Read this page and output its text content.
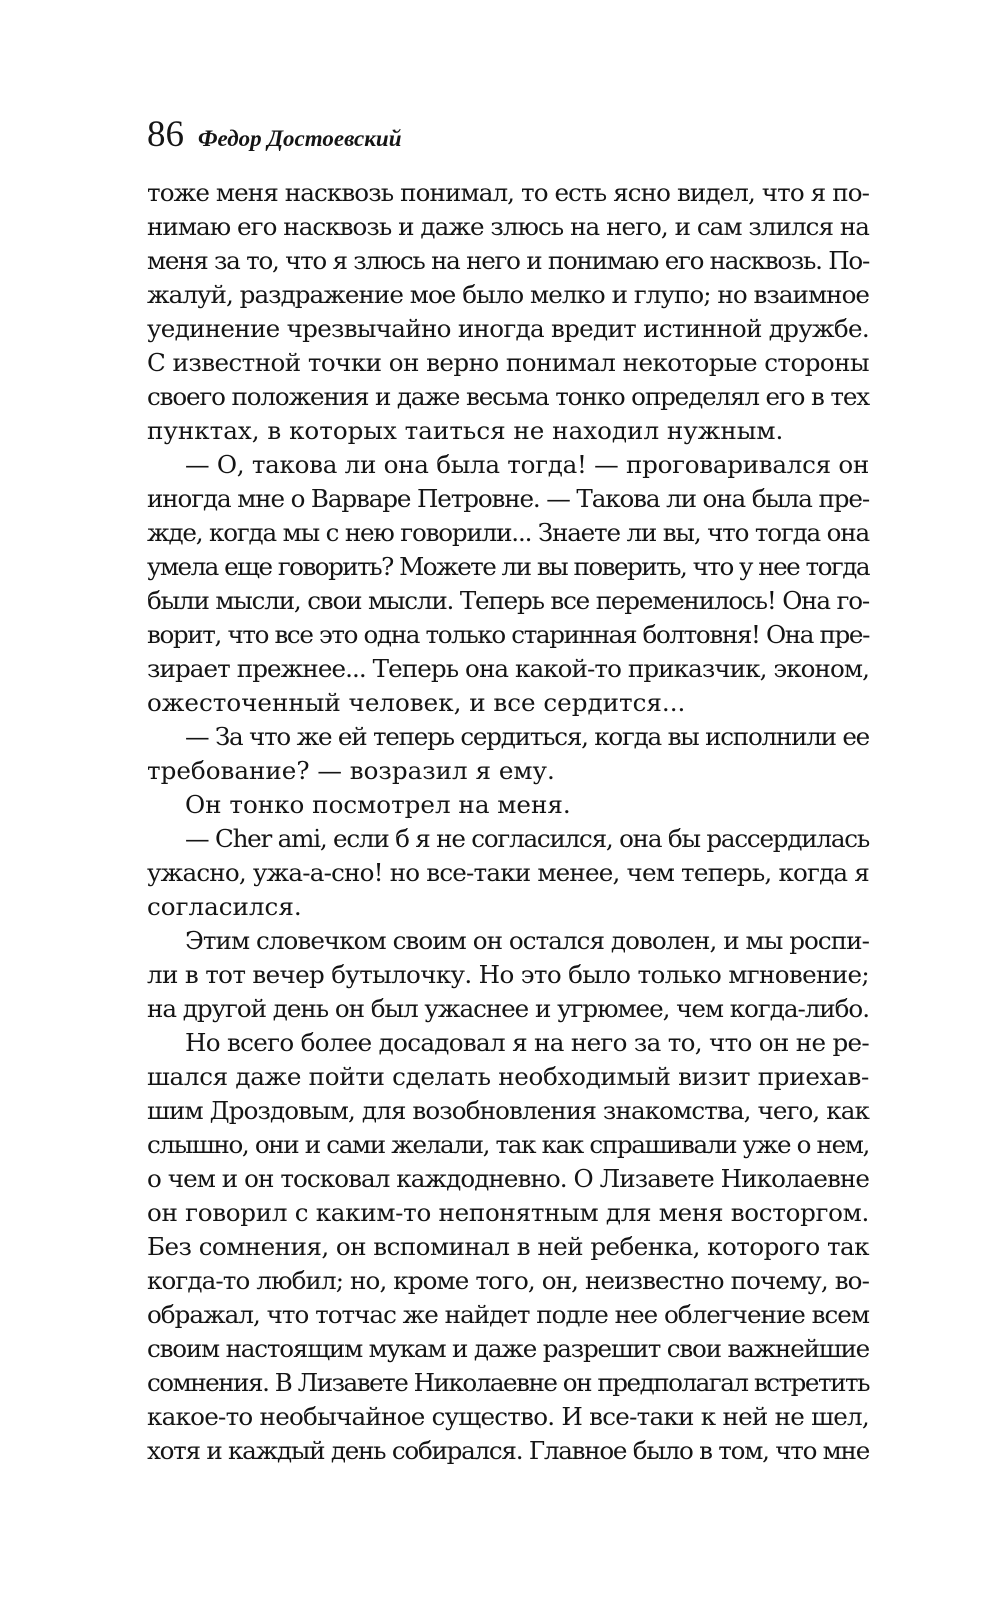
86 Федор Достоевский
тоже меня насквозь понимал, то есть ясно видел, что я по-
нимаю его насквозь и даже злюсь на него, и сам злился на
меня за то, что я злюсь на него и понимаю его насквозь. По-
жалуй, раздражение мое было мелко и глупо; но взаимное
уединение чрезвычайно иногда вредит истинной дружбе.
С известной точки он верно понимал некоторые стороны
своего положения и даже весьма тонко определял его в тех
пунктах, в которых таиться не находил нужным.
— О, такова ли она была тогда! — проговаривался он
иногда мне о Варваре Петровне. — Такова ли она была пре-
жде, когда мы с нею говорили... Знаете ли вы, что тогда она
умела еще говорить? Можете ли вы поверить, что у нее тогда
были мысли, свои мысли. Теперь все переменилось! Она го-
ворит, что все это одна только старинная болтовня! Она пре-
зирает прежнее... Теперь она какой-то приказчик, эконом,
ожесточенный человек, и все сердится...
— За что же ей теперь сердиться, когда вы исполнили ее
требование? — возразил я ему.
Он тонко посмотрел на меня.
— Cher ami, если б я не согласился, она бы рассердилась
ужасно, ужа-а-сно! но все-таки менее, чем теперь, когда я
согласился.
Этим словечком своим он остался доволен, и мы роспи-
ли в тот вечер бутылочку. Но это было только мгновение;
на другой день он был ужаснее и угрюмее, чем когда-либо.
Но всего более досадовал я на него за то, что он не ре-
шался даже пойти сделать необходимый визит приехав-
шим Дроздовым, для возобновления знакомства, чего, как
слышно, они и сами желали, так как спрашивали уже о нем,
о чем и он тосковал каждодневно. О Лизавете Николаевне
он говорил с каким-то непонятным для меня восторгом.
Без сомнения, он вспоминал в ней ребенка, которого так
когда-то любил; но, кроме того, он, неизвестно почему, во-
ображал, что тотчас же найдет подле нее облегчение всем
своим настоящим мукам и даже разрешит свои важнейшие
сомнения. В Лизавете Николаевне он предполагал встретить
какое-то необычайное существо. И все-таки к ней не шел,
хотя и каждый день собирался. Главное было в том, что мне
